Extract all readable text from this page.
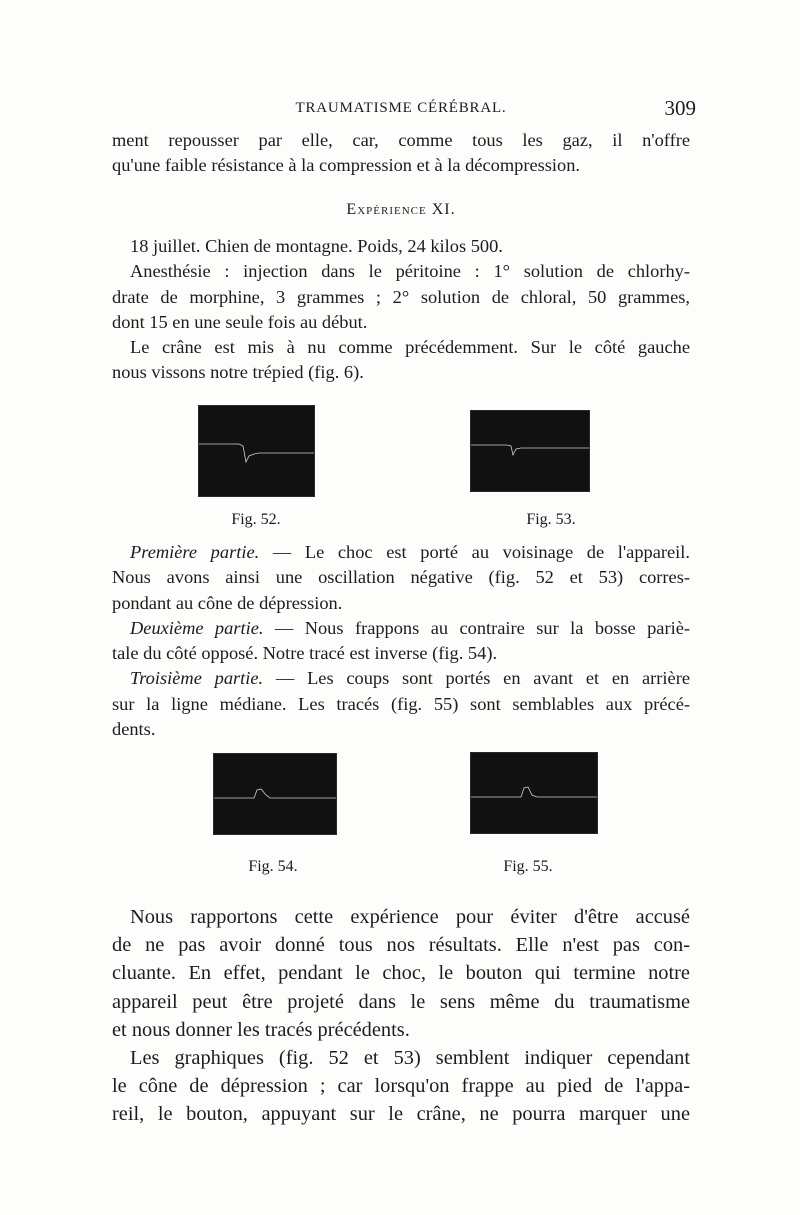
TRAUMATISME CÉRÉBRAL.	309
ment repousser par elle, car, comme tous les gaz, il n'offre
qu'une faible résistance à la compression et à la décompression.
Expérience XI.
18 juillet. Chien de montagne. Poids, 24 kilos 500.
Anesthésie : injection dans le péritoine : 1° solution de chlorhy-
drate de morphine, 3 grammes ; 2° solution de chloral, 50 grammes,
dont 15 en une seule fois au début.
Le crâne est mis à nu comme précédemment. Sur le côté gauche
nous vissons notre trépied (fig. 6).
Fig. 52.	Fig. 53.
Première partie. — Le choc est porté au voisinage de l'appareil.
Nous avons ainsi une oscillation négative (fig. 52 et 53) corres-
pondant au cône de dépression.
Deuxième partie. — Nous frappons au contraire sur la bosse pariè-
tale du côté opposé. Notre tracé est inverse (fig. 54).
Troisième partie. — Les coups sont portés en avant et en arrière
sur la ligne médiane. Les tracés (fig. 55) sont semblables aux précé-
dents.
Fig. 54.	Fig. 55.
Nous rapportons cette expérience pour éviter d'être accusé
de ne pas avoir donné tous nos résultats. Elle n'est pas con-
cluante. En effet, pendant le choc, le bouton qui termine notre
appareil peut être projeté dans le sens même du traumatisme
et nous donner les tracés précédents.
Les graphiques (fig. 52 et 53) semblent indiquer cependant
le cône de dépression ; car lorsqu'on frappe au pied de l'appa-
reil, le bouton, appuyant sur le crâne, ne pourra marquer une
